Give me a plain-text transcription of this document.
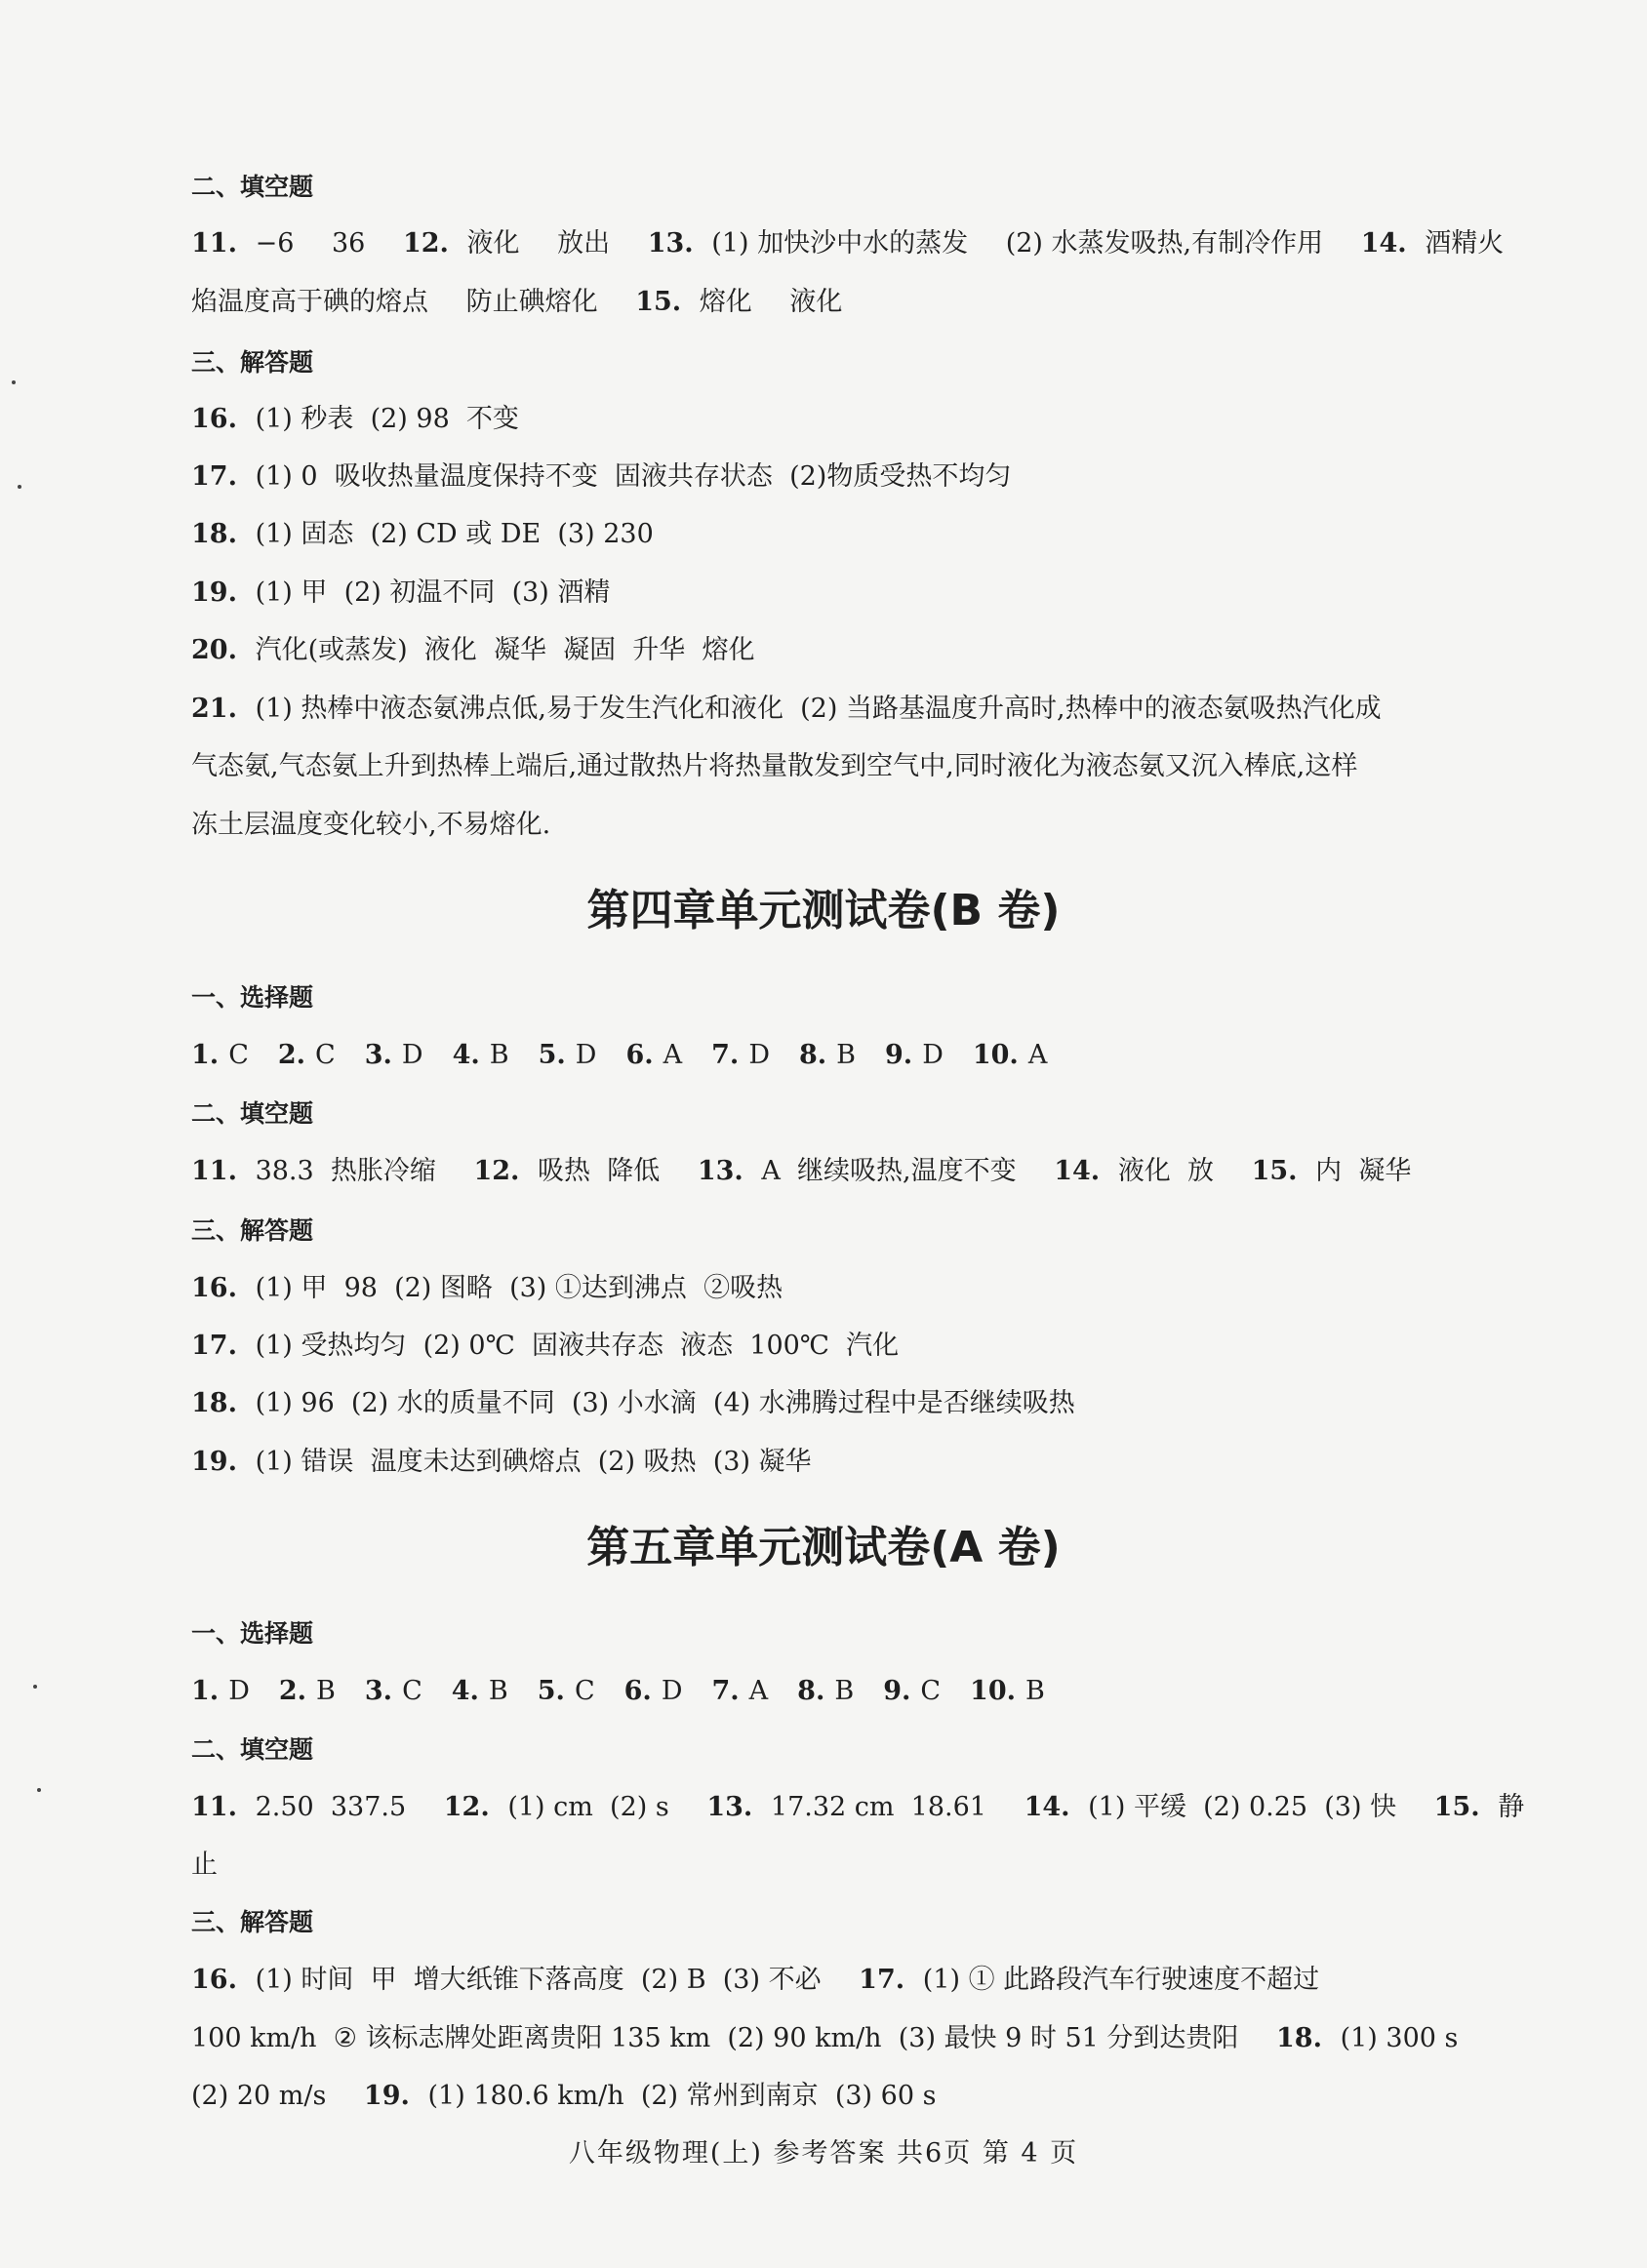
二、填空题
11. −6 36 12. 液化 放出 13. (1) 加快沙中水的蒸发 (2) 水蒸发吸热,有制冷作用 14. 酒精火
焰温度高于碘的熔点 防止碘熔化 15. 熔化 液化
三、解答题
16. (1) 秒表  (2) 98  不变
17. (1) 0  吸收热量温度保持不变  固液共存状态  (2)物质受热不均匀
18. (1) 固态  (2) CD 或 DE  (3) 230
19. (1) 甲  (2) 初温不同  (3) 酒精
20. 汽化(或蒸发)  液化  凝华  凝固  升华  熔化
21. (1) 热棒中液态氨沸点低,易于发生汽化和液化  (2) 当路基温度升高时,热棒中的液态氨吸热汽化成
气态氨,气态氨上升到热棒上端后,通过散热片将热量散发到空气中,同时液化为液态氨又沉入棒底,这样
冻土层温度变化较小,不易熔化.
第四章单元测试卷(B 卷)
一、选择题
1. C 2. C 3. D 4. B 5. D 6. A 7. D 8. B 9. D 10. A
二、填空题
11. 38.3  热胀冷缩 12. 吸热  降低 13. A  继续吸热,温度不变 14. 液化  放 15. 内  凝华
三、解答题
16. (1) 甲  98  (2) 图略  (3) ①达到沸点  ②吸热
17. (1) 受热均匀  (2) 0℃  固液共存态  液态  100℃  汽化
18. (1) 96  (2) 水的质量不同  (3) 小水滴  (4) 水沸腾过程中是否继续吸热
19. (1) 错误  温度未达到碘熔点  (2) 吸热  (3) 凝华
第五章单元测试卷(A 卷)
一、选择题
1. D 2. B 3. C 4. B 5. C 6. D 7. A 8. B 9. C 10. B
二、填空题
11. 2.50  337.5 12. (1) cm  (2) s 13. 17.32 cm  18.61 14. (1) 平缓  (2) 0.25  (3) 快 15. 静
止
三、解答题
16. (1) 时间  甲  增大纸锥下落高度  (2) B  (3) 不必 17. (1) ① 此路段汽车行驶速度不超过
100 km/h  ② 该标志牌处距离贵阳 135 km  (2) 90 km/h  (3) 最快 9 时 51 分到达贵阳 18. (1) 300 s
(2) 20 m/s 19. (1) 180.6 km/h  (2) 常州到南京  (3) 60 s
八年级物理(上) 参考答案 共6页 第 4 页
